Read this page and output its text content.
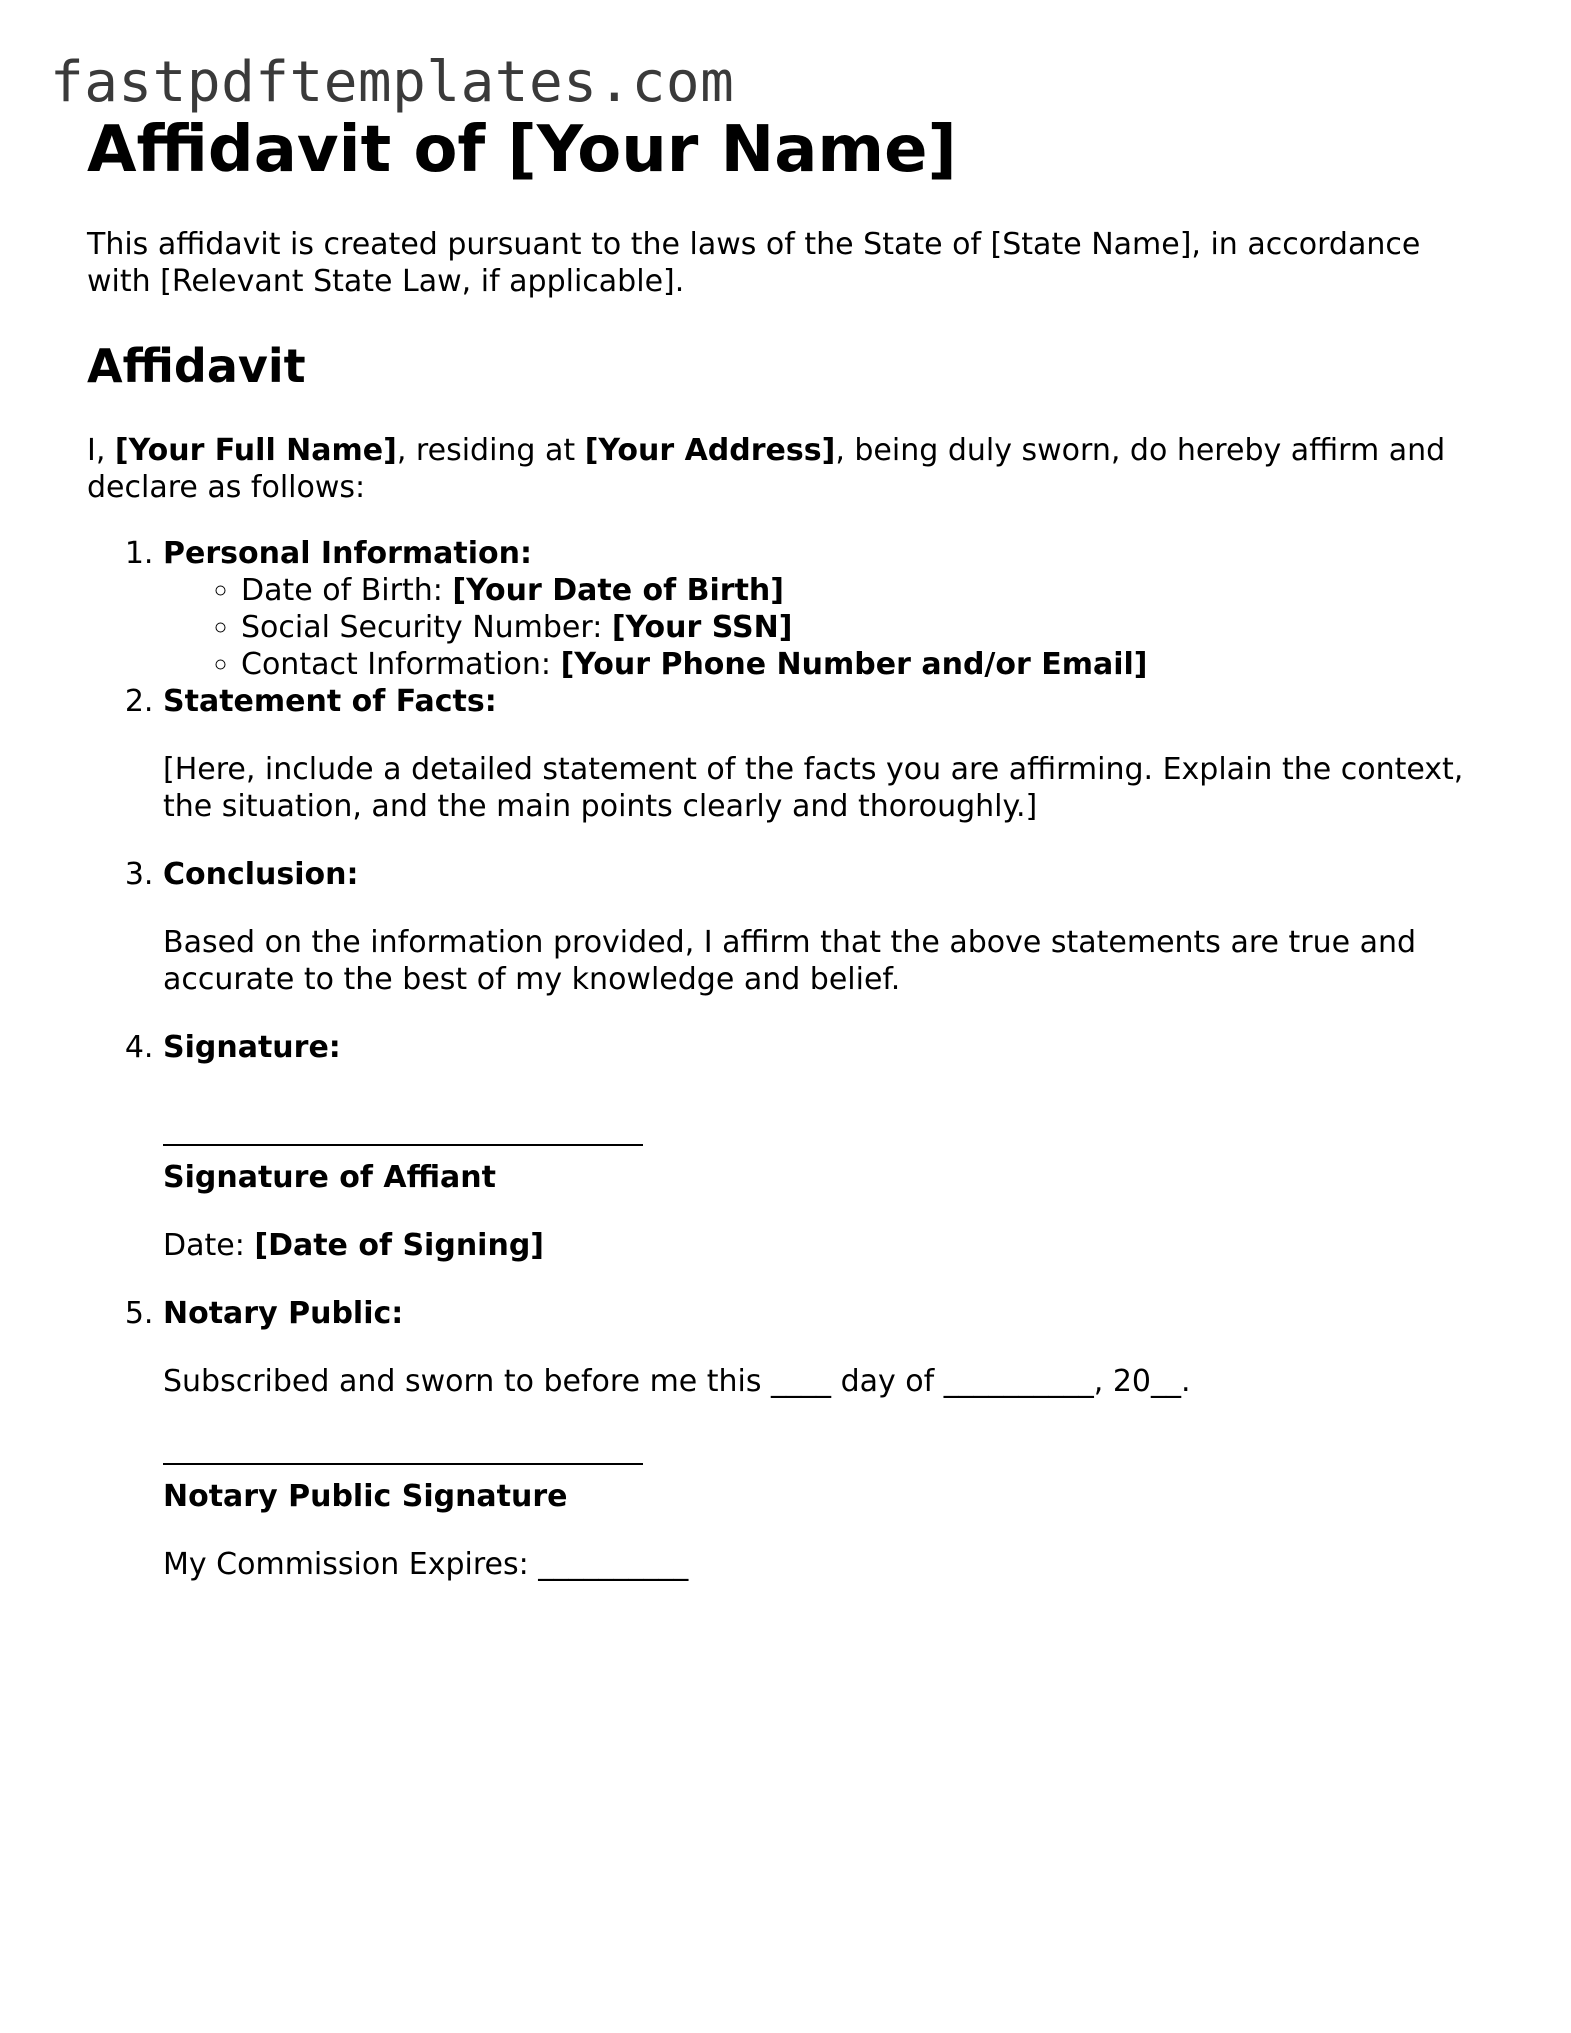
fastpdftemplates.com
Affidavit of [Your Name]

This affidavit is created pursuant to the laws of the State of [State Name], in accordance with [Relevant State Law, if applicable].

Affidavit

I, [Your Full Name], residing at [Your Address], being duly sworn, do hereby affirm and declare as follows:

1. Personal Information:
◦ Date of Birth: [Your Date of Birth]
◦ Social Security Number: [Your SSN]
◦ Contact Information: [Your Phone Number and/or Email]
2. Statement of Facts:

[Here, include a detailed statement of the facts you are affirming. Explain the context, the situation, and the main points clearly and thoroughly.]

3. Conclusion:

Based on the information provided, I affirm that the above statements are true and accurate to the best of my knowledge and belief.

4. Signature:

Signature of Affiant

Date: [Date of Signing]

5. Notary Public:

Subscribed and sworn to before me this ____ day of __________, 20__.

Notary Public Signature

My Commission Expires: __________
